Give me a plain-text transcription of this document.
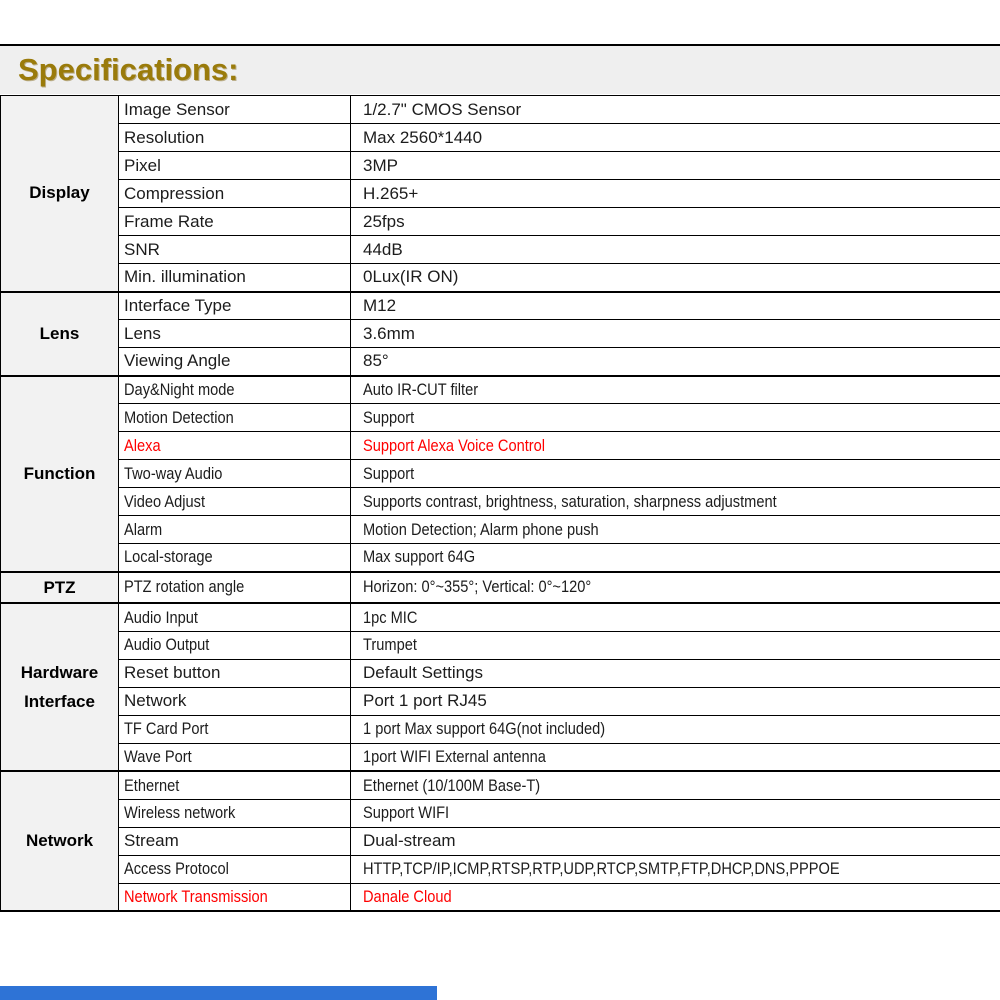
Specifications:
Display	Image Sensor	1/2.7" CMOS Sensor
	Resolution	Max 2560*1440
	Pixel	3MP
	Compression	H.265+
	Frame Rate	25fps
	SNR	44dB
	Min. illumination	0Lux(IR ON)
Lens	Interface Type	M12
	Lens	3.6mm
	Viewing Angle	85°
Function	Day&Night mode	Auto IR-CUT filter
	Motion Detection	Support
	Alexa	Support Alexa Voice Control
	Two-way Audio	Support
	Video Adjust	Supports contrast, brightness, saturation, sharpness adjustment
	Alarm	Motion Detection; Alarm phone push
	Local-storage	Max support 64G
PTZ	PTZ rotation angle	Horizon: 0°~355°; Vertical: 0°~120°
Hardware Interface	Audio Input	1pc MIC
	Audio Output	Trumpet
	Reset button	Default Settings
	Network	Port 1 port RJ45
	TF Card Port	1 port Max support 64G(not included)
	Wave Port	1port WIFI External antenna
Network	Ethernet	Ethernet (10/100M Base-T)
	Wireless network	Support WIFI
	Stream	Dual-stream
	Access Protocol	HTTP,TCP/IP,ICMP,RTSP,RTP,UDP,RTCP,SMTP,FTP,DHCP,DNS,PPPOE
	Network Transmission	Danale Cloud
